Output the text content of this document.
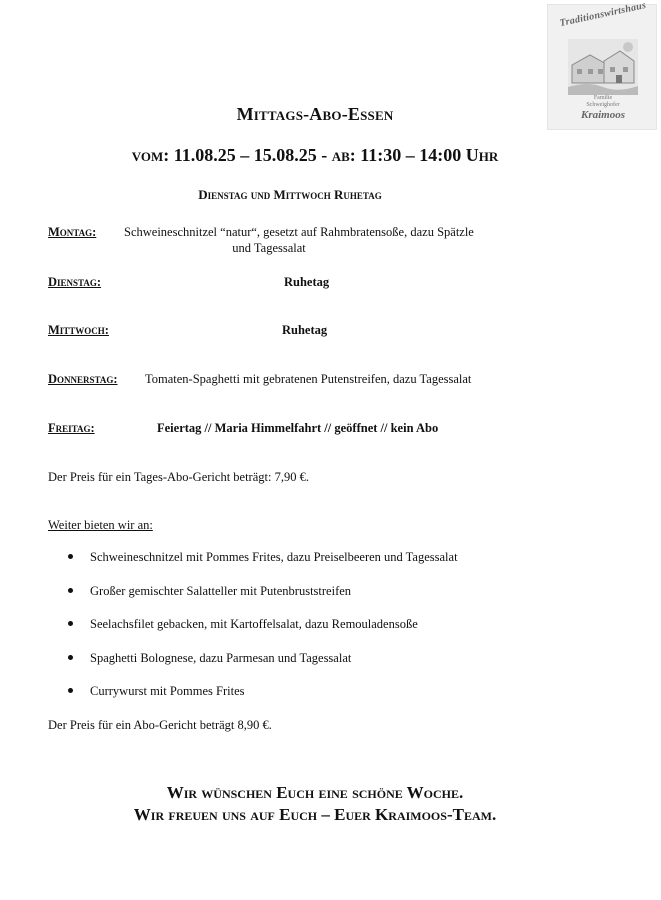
Traditionswirtshaus
Familie
Schweighofer
Kraimoos
Mittags-Abo-Essen
vom: 11.08.25 – 15.08.25 - ab: 11:30 – 14:00 Uhr
Dienstag und Mittwoch Ruhetag
Montag: Schweineschnitzel “natur“, gesetzt auf Rahmbratensoße, dazu Spätzle
und Tagessalat
Dienstag:	Ruhetag
Mittwoch:	Ruhetag
Donnerstag: Tomaten-Spaghetti mit gebratenen Putenstreifen, dazu Tagessalat
Freitag:	Feiertag // Maria Himmelfahrt // geöffnet // kein Abo
Der Preis für ein Tages-Abo-Gericht beträgt: 7,90 €.
Weiter bieten wir an:
Schweineschnitzel mit Pommes Frites, dazu Preiselbeeren und Tagessalat
Großer gemischter Salatteller mit Putenbruststreifen
Seelachsfilet gebacken, mit Kartoffelsalat, dazu Remouladensoße
Spaghetti Bolognese, dazu Parmesan und Tagessalat
Currywurst mit Pommes Frites
Der Preis für ein Abo-Gericht beträgt 8,90 €.
Wir wünschen Euch eine schöne Woche.
Wir freuen uns auf Euch – Euer Kraimoos-Team.
